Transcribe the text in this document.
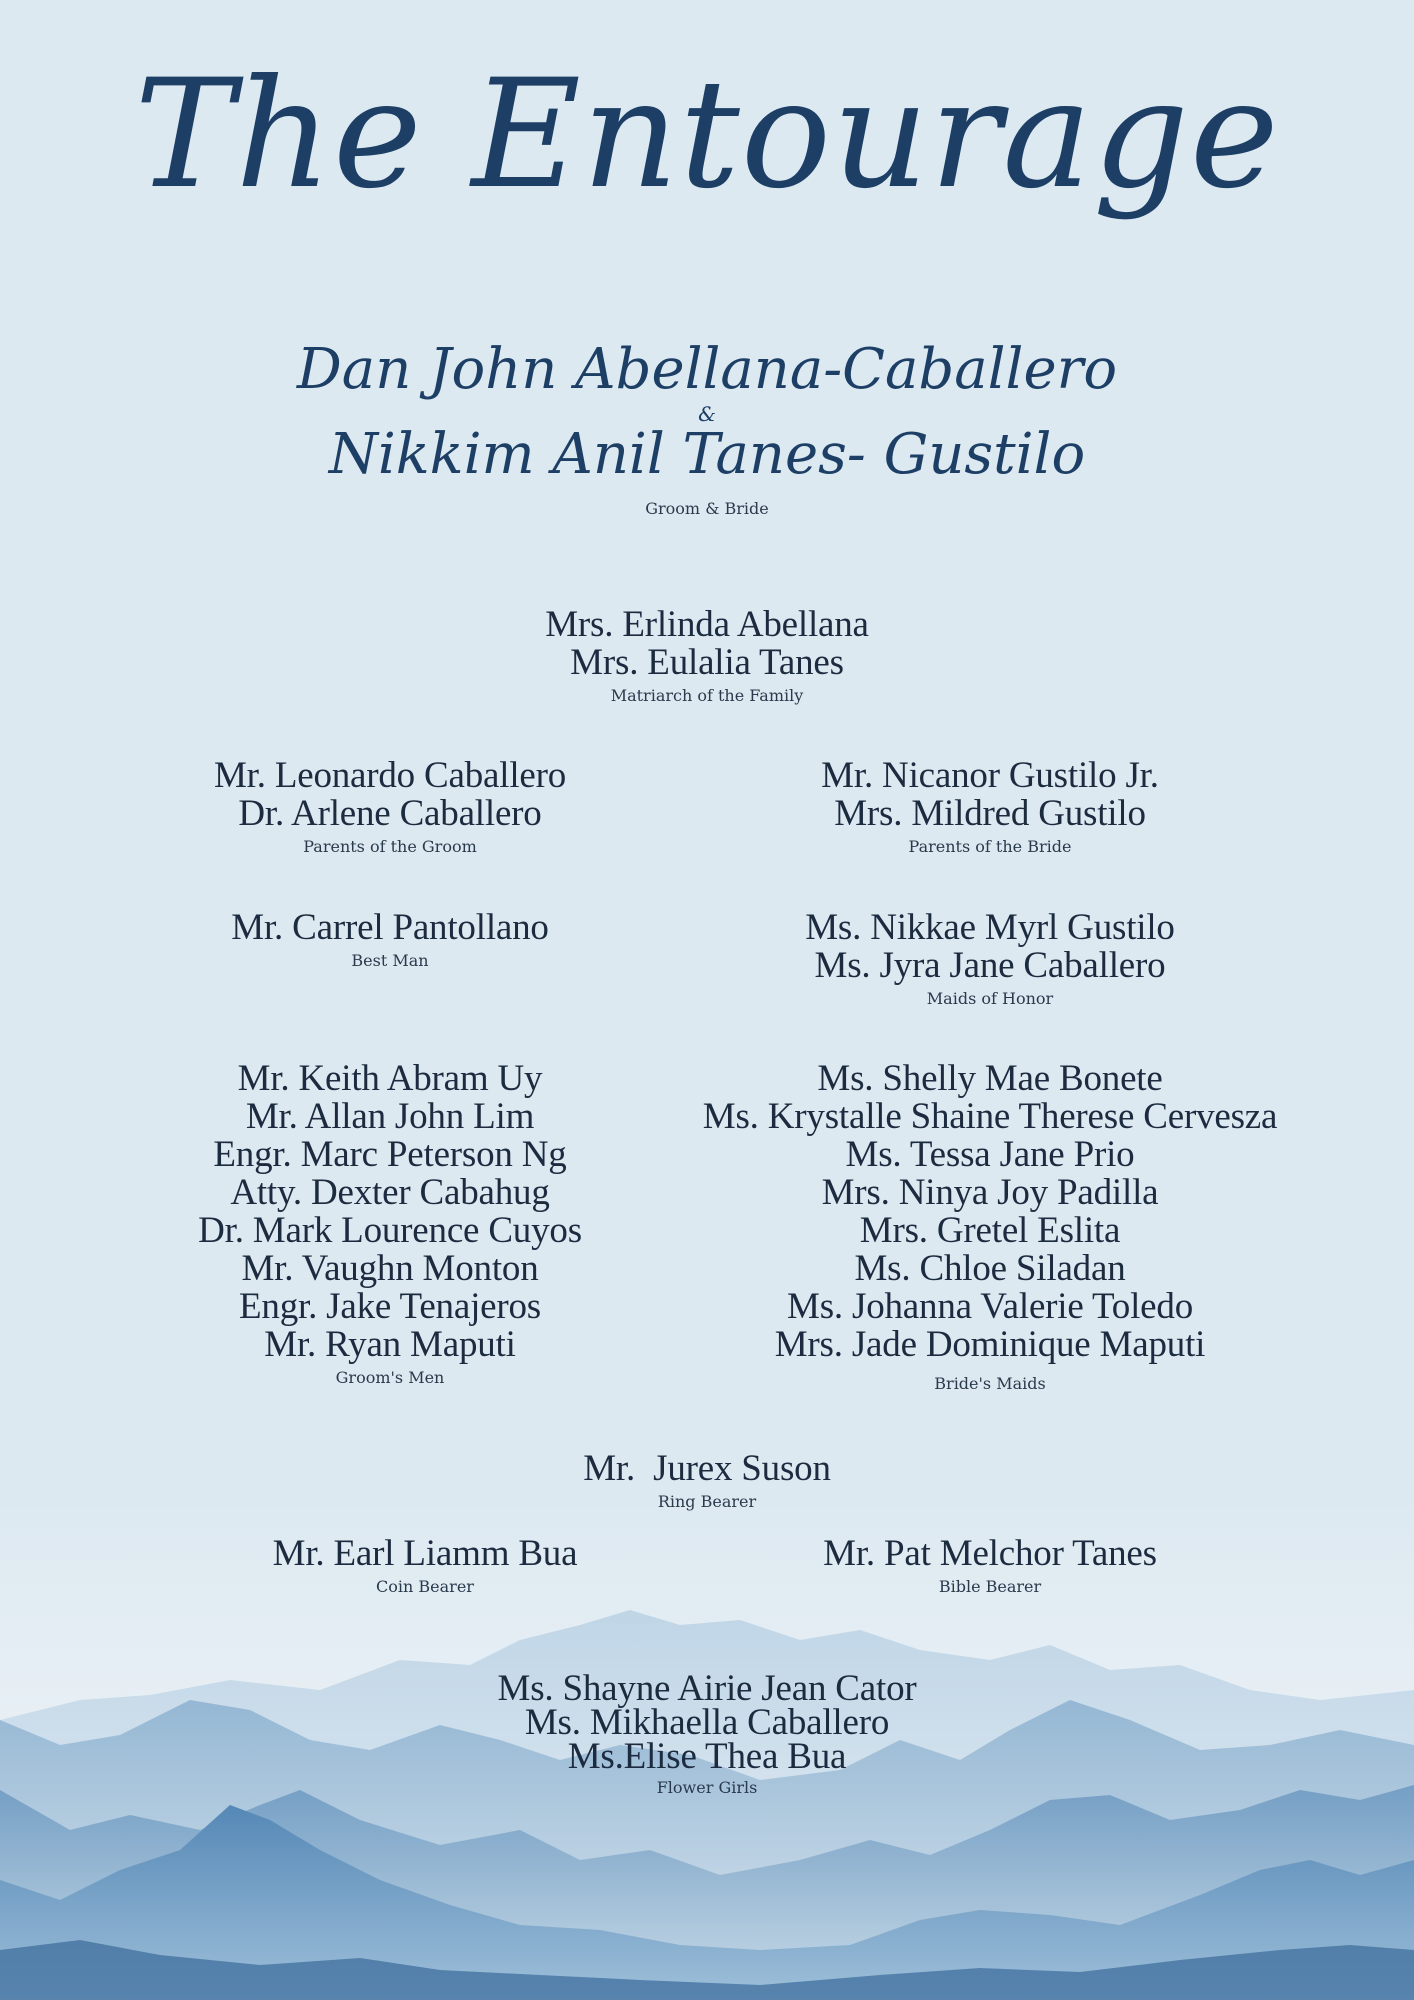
The Entourage
Dan John Abellana-Caballero
&
Nikkim Anil Tanes- Gustilo
Groom & Bride
Mrs. Erlinda Abellana
Mrs. Eulalia Tanes
Matriarch of the Family
Mr. Leonardo Caballero
Dr. Arlene Caballero
Parents of the Groom
Mr. Nicanor Gustilo Jr.
Mrs. Mildred Gustilo
Parents of the Bride
Mr. Carrel Pantollano
Best Man
Ms. Nikkae Myrl Gustilo
Ms. Jyra Jane Caballero
Maids of Honor
Mr. Keith Abram Uy
Mr. Allan John Lim
Engr. Marc Peterson Ng
Atty. Dexter Cabahug
Dr. Mark Lourence Cuyos
Mr. Vaughn Monton
Engr. Jake Tenajeros
Mr. Ryan Maputi
Groom's Men
Ms. Shelly Mae Bonete
Ms. Krystalle Shaine Therese Cervesza
Ms. Tessa Jane Prio
Mrs. Ninya Joy Padilla
Mrs. Gretel Eslita
Ms. Chloe Siladan
Ms. Johanna Valerie Toledo
Mrs. Jade Dominique Maputi
Bride's Maids
Mr.  Jurex Suson
Ring Bearer
Mr. Earl Liamm Bua
Coin Bearer
Mr. Pat Melchor Tanes
Bible Bearer
Ms. Shayne Airie Jean Cator
Ms. Mikhaella Caballero
Ms.Elise Thea Bua
Flower Girls
